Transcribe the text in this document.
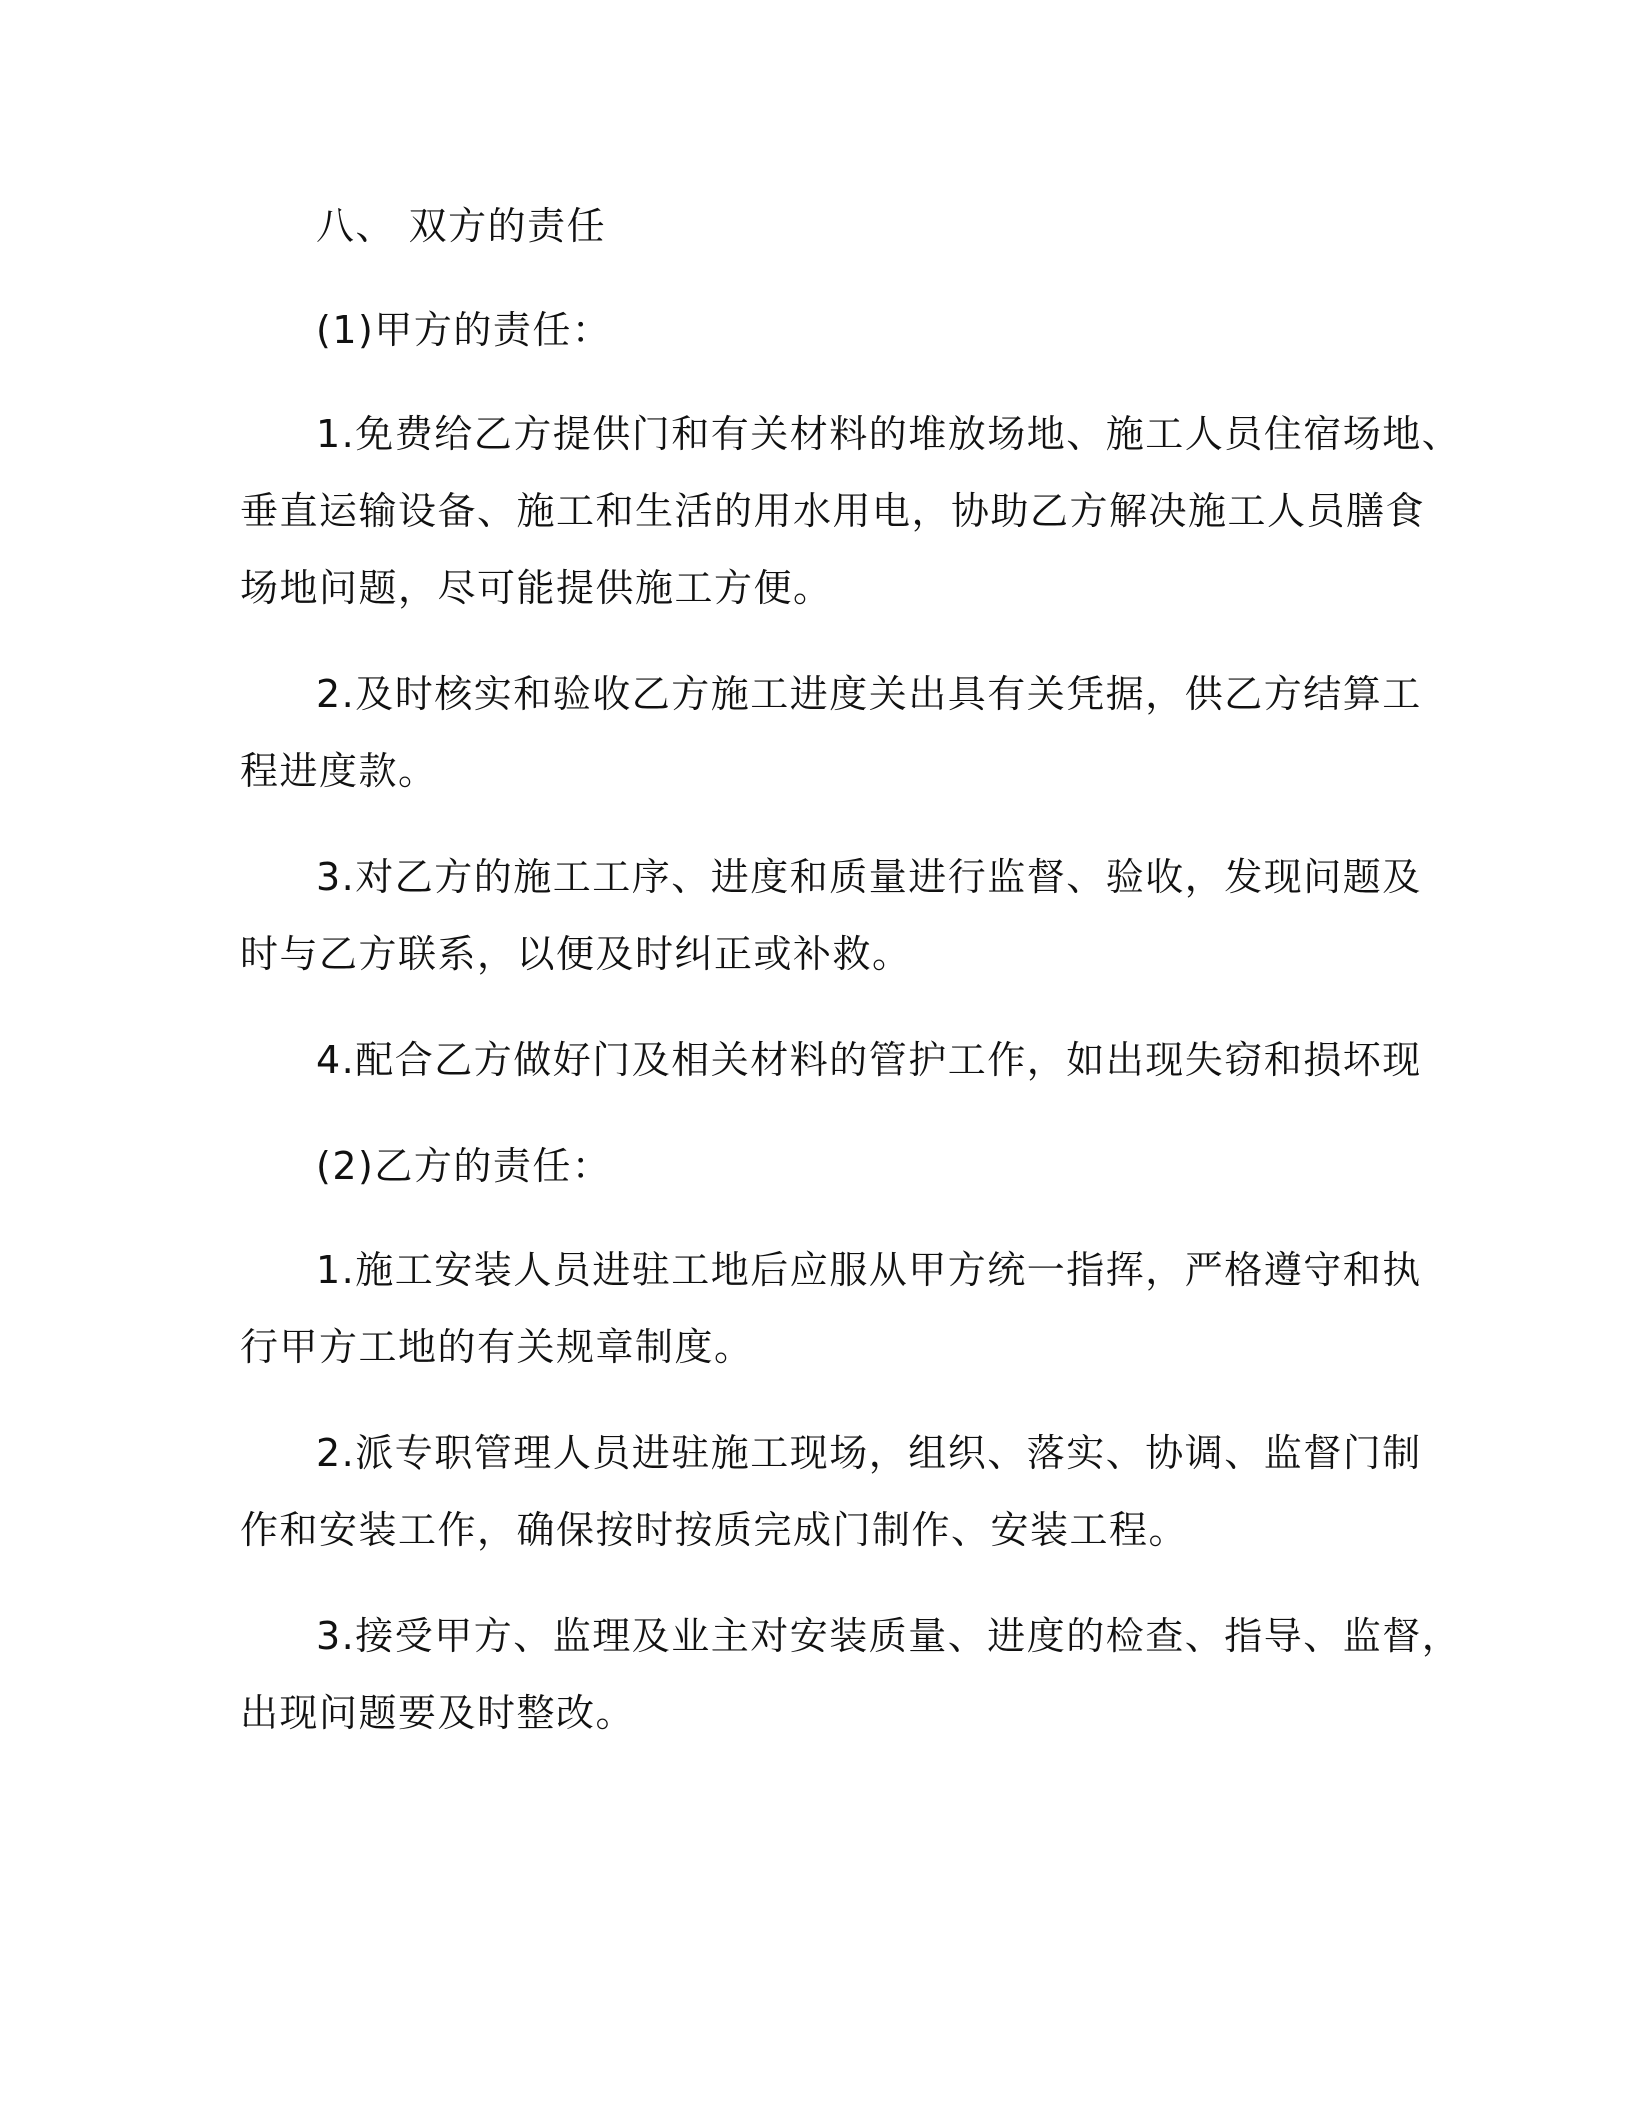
八、 双方的责任

(1)甲方的责任：

1.免费给乙方提供门和有关材料的堆放场地、施工人员住宿场地、

垂直运输设备、施工和生活的用水用电，协助乙方解决施工人员膳食

场地问题，尽可能提供施工方便。

2.及时核实和验收乙方施工进度关出具有关凭据，供乙方结算工

程进度款。

3.对乙方的施工工序、进度和质量进行监督、验收，发现问题及

时与乙方联系，以便及时纠正或补救。

4.配合乙方做好门及相关材料的管护工作，如出现失窃和损坏现

(2)乙方的责任：

1.施工安装人员进驻工地后应服从甲方统一指挥，严格遵守和执

行甲方工地的有关规章制度。

2.派专职管理人员进驻施工现场，组织、落实、协调、监督门制

作和安装工作，确保按时按质完成门制作、安装工程。

3.接受甲方、监理及业主对安装质量、进度的检查、指导、监督，

出现问题要及时整改。
